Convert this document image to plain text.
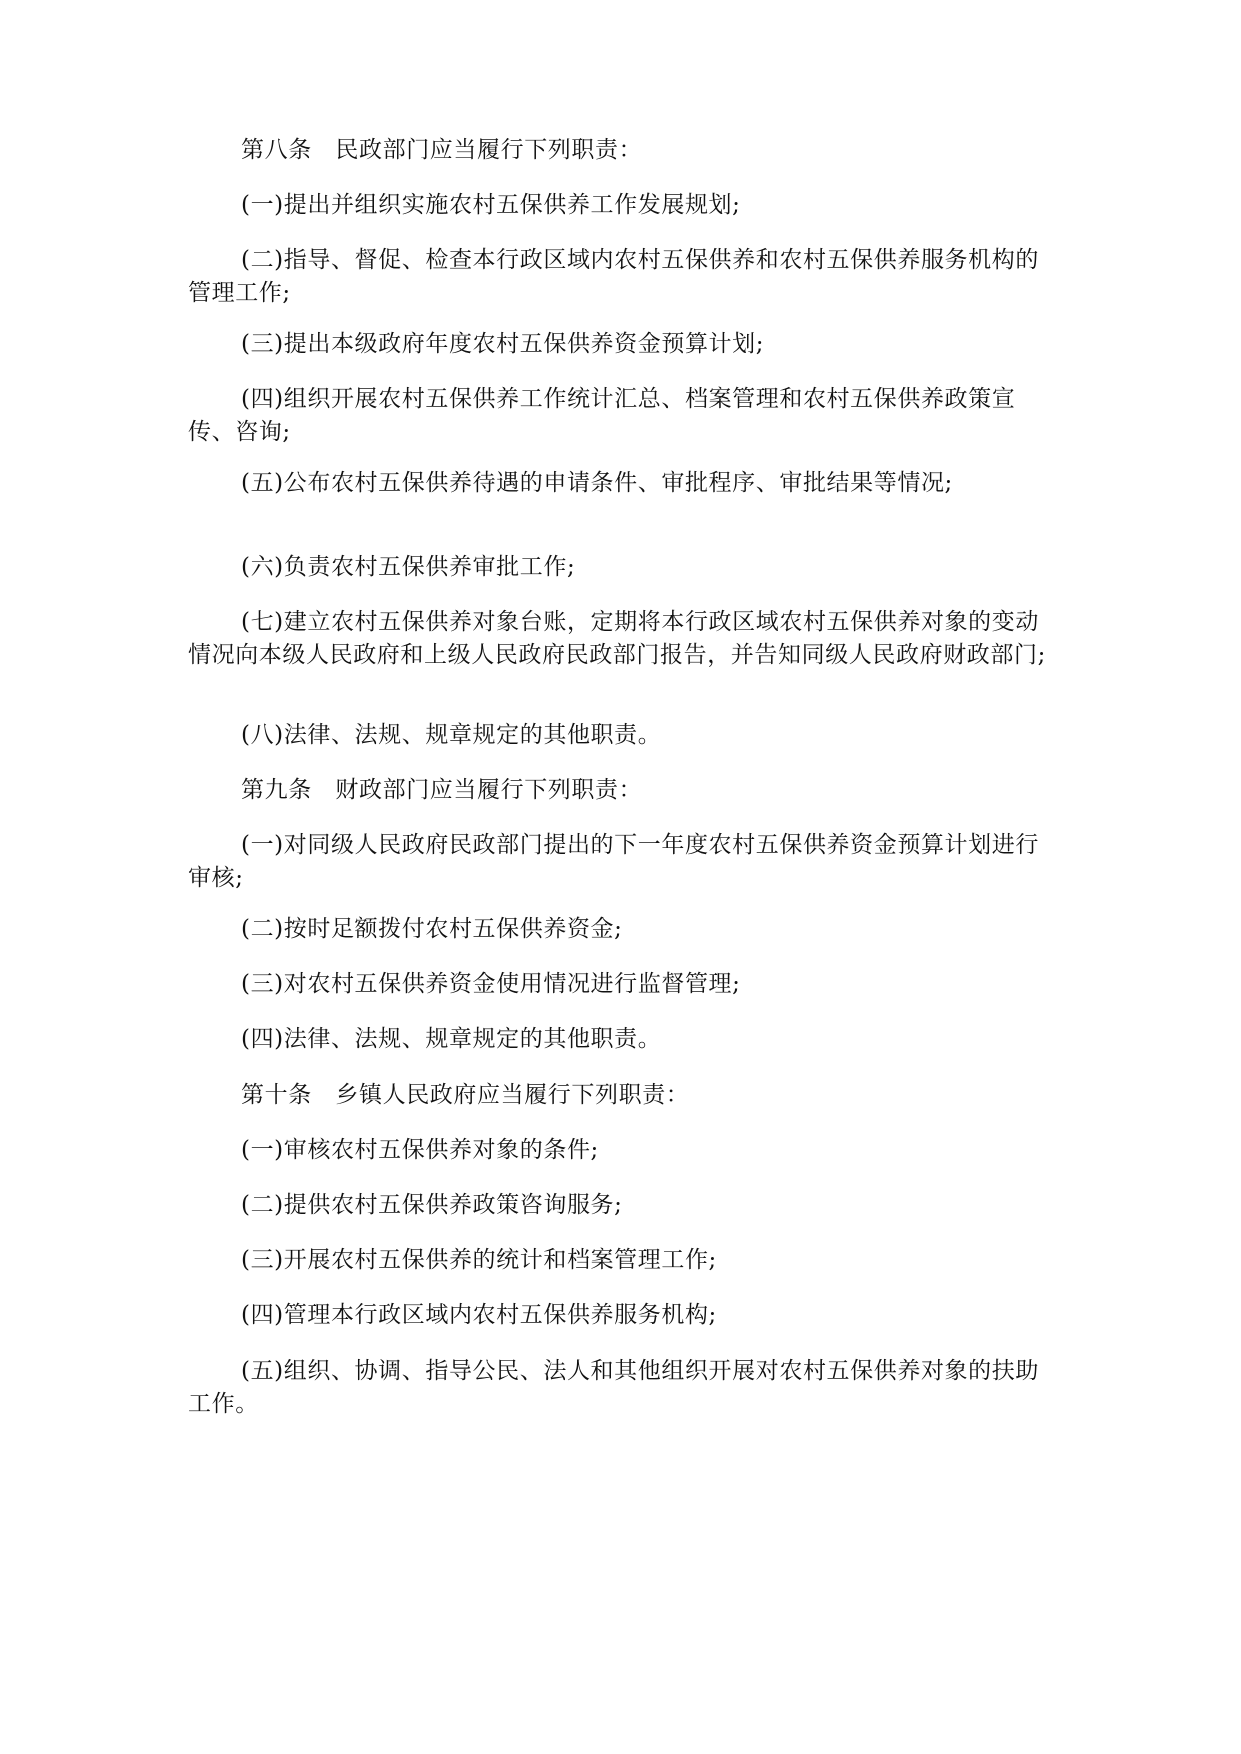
第八条　民政部门应当履行下列职责：

(一)提出并组织实施农村五保供养工作发展规划;

(二)指导、督促、检查本行政区域内农村五保供养和农村五保供养服务机构的管理工作;

(三)提出本级政府年度农村五保供养资金预算计划;

(四)组织开展农村五保供养工作统计汇总、档案管理和农村五保供养政策宣传、咨询;

(五)公布农村五保供养待遇的申请条件、审批程序、审批结果等情况;

(六)负责农村五保供养审批工作;

(七)建立农村五保供养对象台账，定期将本行政区域农村五保供养对象的变动情况向本级人民政府和上级人民政府民政部门报告，并告知同级人民政府财政部门;

(八)法律、法规、规章规定的其他职责。

第九条　财政部门应当履行下列职责：

(一)对同级人民政府民政部门提出的下一年度农村五保供养资金预算计划进行审核;

(二)按时足额拨付农村五保供养资金;

(三)对农村五保供养资金使用情况进行监督管理;

(四)法律、法规、规章规定的其他职责。

第十条　乡镇人民政府应当履行下列职责：

(一)审核农村五保供养对象的条件;

(二)提供农村五保供养政策咨询服务;

(三)开展农村五保供养的统计和档案管理工作;

(四)管理本行政区域内农村五保供养服务机构;

(五)组织、协调、指导公民、法人和其他组织开展对农村五保供养对象的扶助工作。
